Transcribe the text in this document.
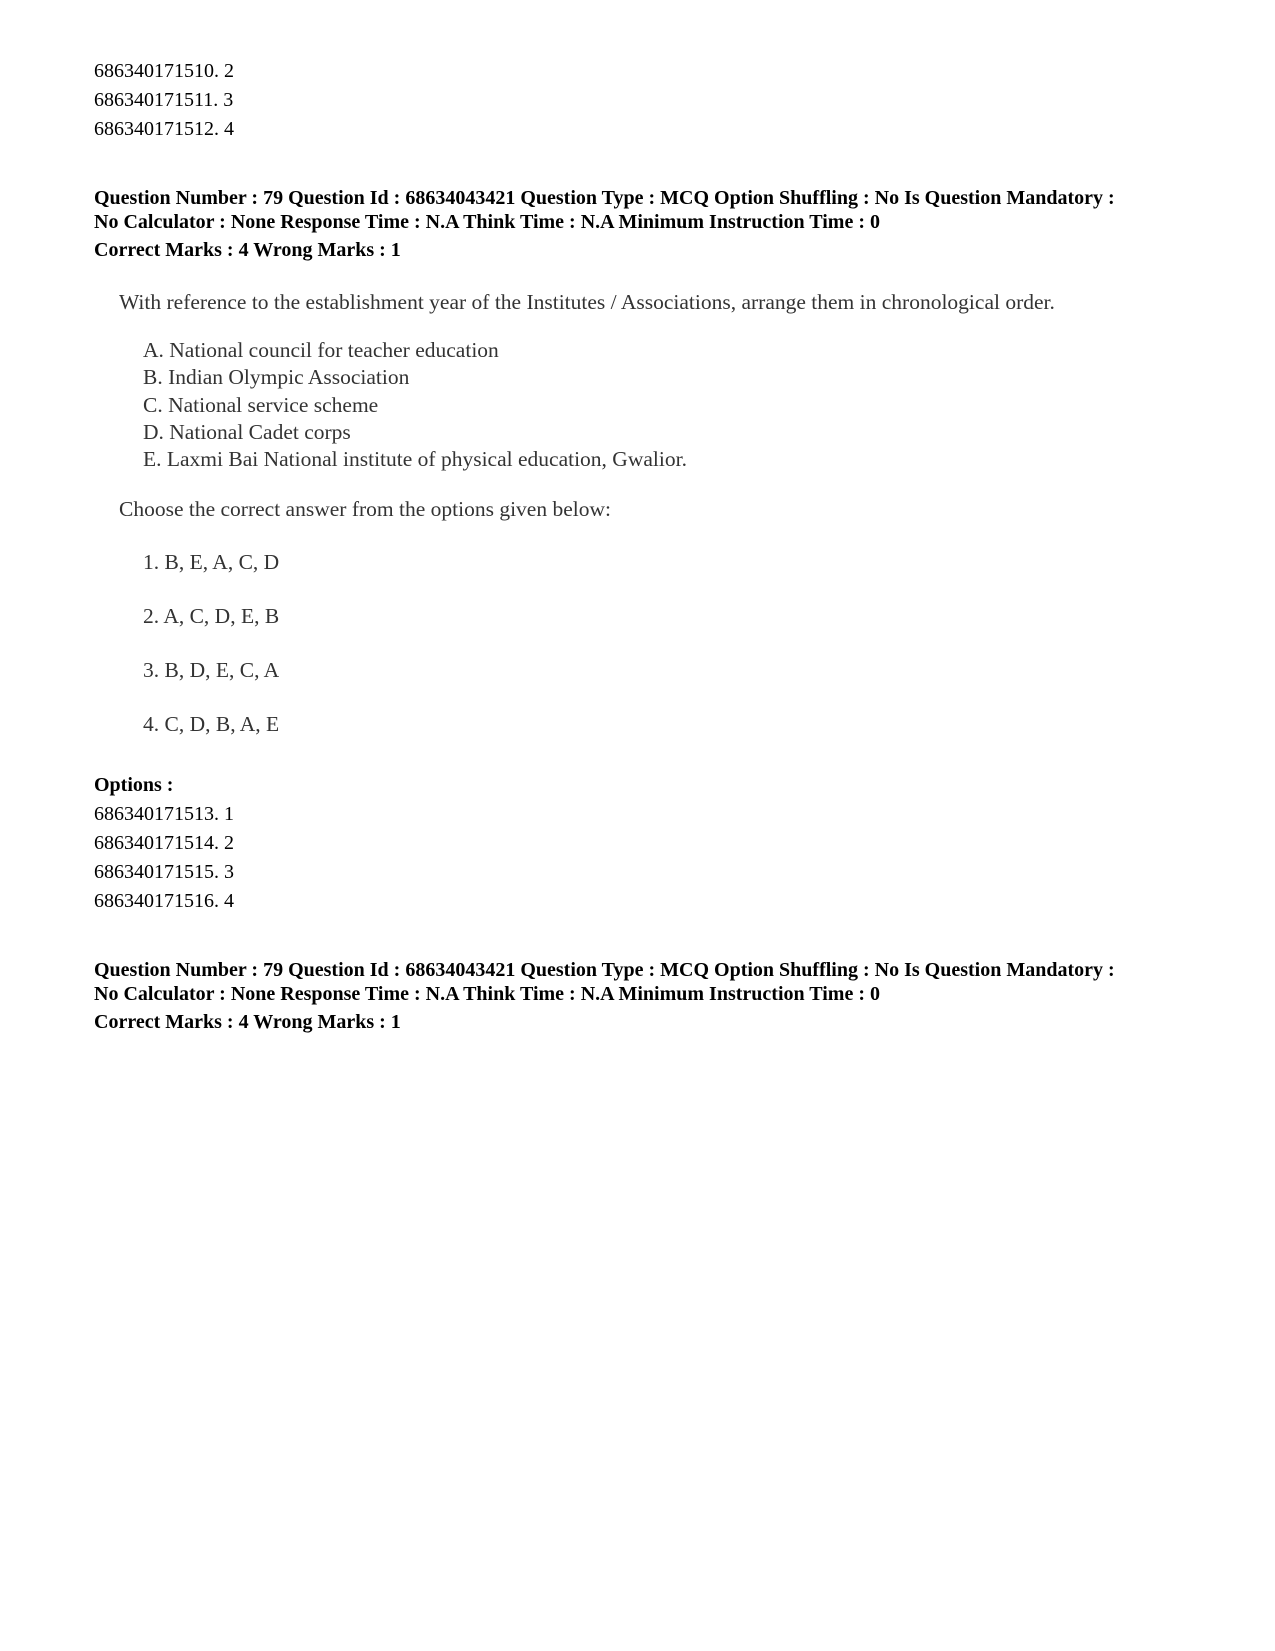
686340171510. 2
686340171511. 3
686340171512. 4
Question Number : 79 Question Id : 68634043421 Question Type : MCQ Option Shuffling : No Is Question Mandatory :
No Calculator : None Response Time : N.A Think Time : N.A Minimum Instruction Time : 0
Correct Marks : 4 Wrong Marks : 1
With reference to the establishment year of the Institutes / Associations, arrange them in chronological order.
A. National council for teacher education
B. Indian Olympic Association
C. National service scheme
D. National Cadet corps
E. Laxmi Bai National institute of physical education, Gwalior.
Choose the correct answer from the options given below:
1. B, E, A, C, D
2. A, C, D, E, B
3. B, D, E, C, A
4. C, D, B, A, E
Options :
686340171513. 1
686340171514. 2
686340171515. 3
686340171516. 4
Question Number : 79 Question Id : 68634043421 Question Type : MCQ Option Shuffling : No Is Question Mandatory :
No Calculator : None Response Time : N.A Think Time : N.A Minimum Instruction Time : 0
Correct Marks : 4 Wrong Marks : 1
